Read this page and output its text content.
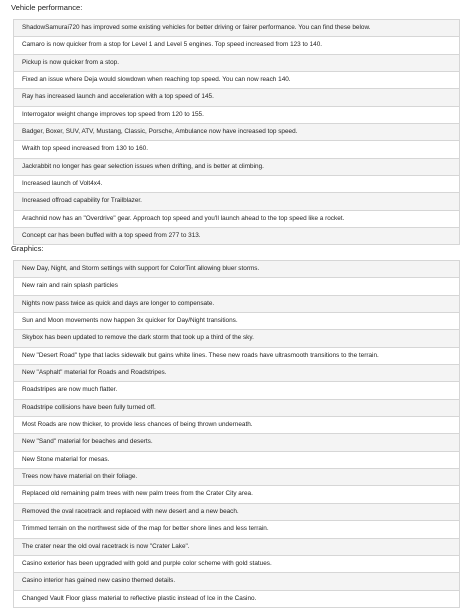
Vehicle performance:
ShadowSamurai720 has improved some existing vehicles for better driving or fairer performance. You can find these below.
Camaro is now quicker from a stop for Level 1 and Level 5 engines. Top speed increased from 123 to 140.
Pickup is now quicker from a stop.
Fixed an issue where Deja would slowdown when reaching top speed. You can now reach 140.
Ray has increased launch and acceleration with a top speed of 145.
Interrogator weight change improves top speed from 120 to 155.
Badger, Boxer, SUV, ATV, Mustang, Classic, Porsche, Ambulance now have increased top speed.
Wraith top speed increased from 130 to 160.
Jackrabbit no longer has gear selection issues when drifting, and is better at climbing.
Increased launch of Volt4x4.
Increased offroad capability for Trailblazer.
Arachnid now has an "Overdrive" gear. Approach top speed and you'll launch ahead to the top speed like a rocket.
Concept car has been buffed with a top speed from 277 to 313.
Graphics:
New Day, Night, and Storm settings with support for ColorTint allowing bluer storms.
New rain and rain splash particles
Nights now pass twice as quick and days are longer to compensate.
Sun and Moon movements now happen 3x quicker for Day/Night transitions.
Skybox has been updated to remove the dark storm that took up a third of the sky.
New "Desert Road" type that lacks sidewalk but gains white lines. These new roads have ultrasmooth transitions to the terrain.
New "Asphalt" material for Roads and Roadstripes.
Roadstripes are now much flatter.
Roadstripe collisions have been fully turned off.
Most Roads are now thicker, to provide less chances of being thrown underneath.
New "Sand" material for beaches and deserts.
New Stone material for mesas.
Trees now have material on their foliage.
Replaced old remaining palm trees with new palm trees from the Crater City area.
Removed the oval racetrack and replaced with new desert and a new beach.
Trimmed terrain on the northwest side of the map for better shore lines and less terrain.
The crater near the old oval racetrack is now "Crater Lake".
Casino exterior has been upgraded with gold and purple color scheme with gold statues.
Casino interior has gained new casino themed details.
Changed Vault Floor glass material to reflective plastic instead of Ice in the Casino.
